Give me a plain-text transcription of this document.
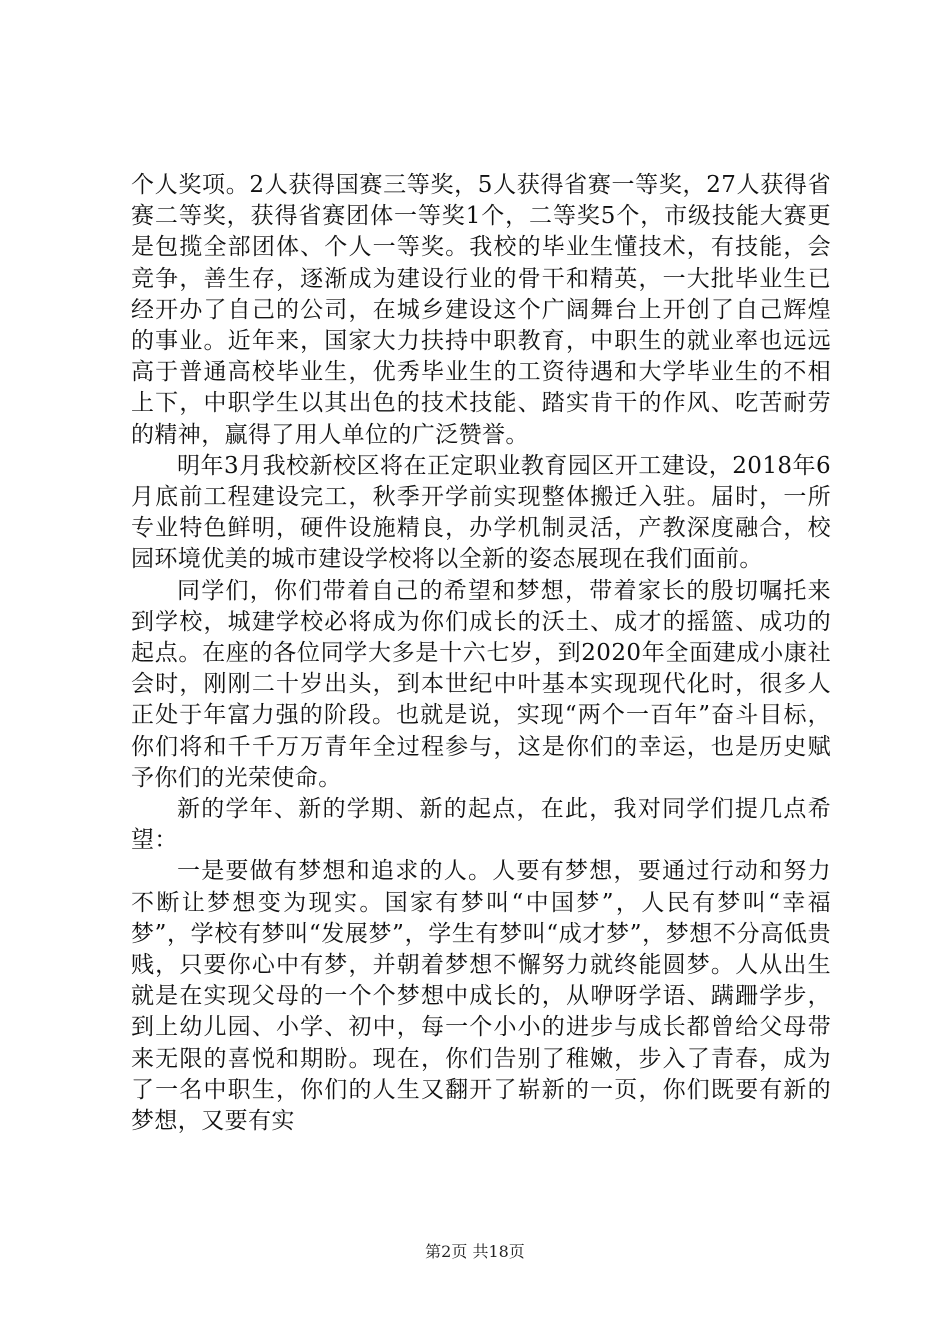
个人奖项。2人获得国赛三等奖，5人获得省赛一等奖，27人获得省赛二等奖，获得省赛团体一等奖1个，二等奖5个，市级技能大赛更是包揽全部团体、个人一等奖。我校的毕业生懂技术，有技能，会竞争，善生存，逐渐成为建设行业的骨干和精英，一大批毕业生已经开办了自己的公司，在城乡建设这个广阔舞台上开创了自己辉煌的事业。近年来，国家大力扶持中职教育，中职生的就业率也远远高于普通高校毕业生，优秀毕业生的工资待遇和大学毕业生的不相上下，中职学生以其出色的技术技能、踏实肯干的作风、吃苦耐劳的精神，赢得了用人单位的广泛赞誉。

明年3月我校新校区将在正定职业教育园区开工建设，2018年6月底前工程建设完工，秋季开学前实现整体搬迁入驻。届时，一所专业特色鲜明，硬件设施精良，办学机制灵活，产教深度融合，校园环境优美的城市建设学校将以全新的姿态展现在我们面前。

同学们，你们带着自己的希望和梦想，带着家长的殷切嘱托来到学校，城建学校必将成为你们成长的沃土、成才的摇篮、成功的起点。在座的各位同学大多是十六七岁，到2020年全面建成小康社会时，刚刚二十岁出头，到本世纪中叶基本实现现代化时，很多人正处于年富力强的阶段。也就是说，实现“两个一百年”奋斗目标，你们将和千千万万青年全过程参与，这是你们的幸运，也是历史赋予你们的光荣使命。

新的学年、新的学期、新的起点，在此，我对同学们提几点希望：

一是要做有梦想和追求的人。人要有梦想，要通过行动和努力不断让梦想变为现实。国家有梦叫“中国梦”，人民有梦叫“幸福梦”，学校有梦叫“发展梦”，学生有梦叫“成才梦”，梦想不分高低贵贱，只要你心中有梦，并朝着梦想不懈努力就终能圆梦。人从出生就是在实现父母的一个个梦想中成长的，从咿呀学语、蹒跚学步，到上幼儿园、小学、初中，每一个小小的进步与成长都曾给父母带来无限的喜悦和期盼。现在，你们告别了稚嫩，步入了青春，成为了一名中职生，你们的人生又翻开了崭新的一页，你们既要有新的梦想，又要有实

第2页 共18页
